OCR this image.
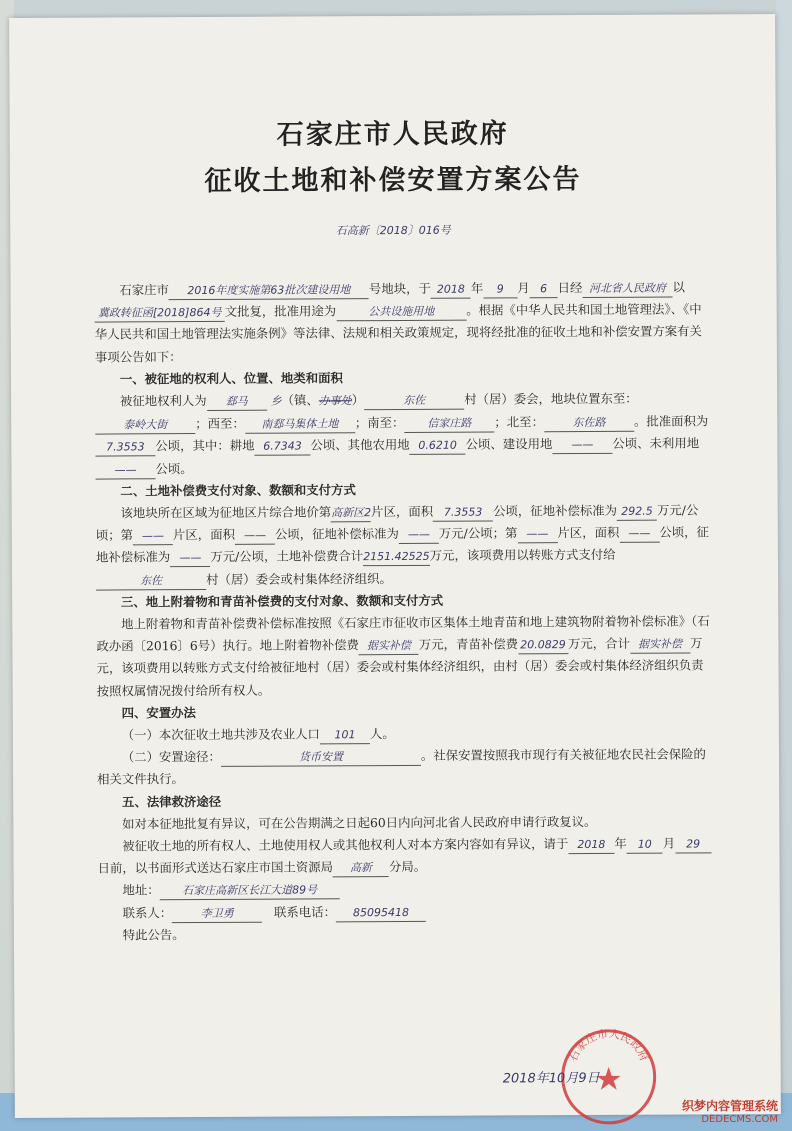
石家庄市人民政府
征收土地和补偿安置方案公告
石高新〔2018〕016号

石家庄市 2016年度实施第63批次建设用地 号地块，于 2018 年 9 月 6 日经 河北省人民政府 以冀政转征函[2018]864号 文批复，批准用途为	公共设施用地	。根据《中华人民共和国土地管理法》、《中华人民共和国土地管理法实施条例》等法律、法规和相关政策规定，现将经批准的征收土地和补偿安置方案有关事项公告如下：

一、被征地的权利人、位置、地类和面积

被征地权利人为 郄马 乡（镇、办事处）	东佐	村（居）委会，地块位置东至：泰岭大街 ；西至： 南郄马集体土地 ；南至： 信家庄路 ；北至：	东佐路 。批准面积为7.3553 公顷，其中：耕地 6.7343 公顷、其他农用地 0.6210 公顷、建设用地 —— 公顷、未利用地—— 公顷。

二、土地补偿费支付对象、数额和支付方式

该地块所在区域为征地区片综合地价第高新区2片区，面积 7.3553 公顷，征地补偿标准为 292.5 万元/公顷；第 —— 片区，面积 —— 公顷，征地补偿标准为 —— 万元/公顷；第 —— 片区，面积 —— 公顷，征地补偿标准为 —— 万元/公顷，土地补偿费合计2151.42525万元，该项费用以转账方式支付给东佐	村（居）委会或村集体经济组织。

三、地上附着物和青苗补偿费的支付对象、数额和支付方式

地上附着物和青苗补偿费补偿标准按照《石家庄市征收市区集体土地青苗和地上建筑物附着物补偿标准》（石政办函〔2016〕6号）执行。地上附着物补偿费 据实补偿 万元，青苗补偿费 20.0829 万元，合计 据实补偿 万元，该项费用以转账方式支付给被征地村（居）委会或村集体经济组织，由村（居）委会或村集体经济组织负责按照权属情况拨付给所有权人。

四、安置办法

（一）本次征收土地共涉及农业人口 101 人。

（二）安置途径：	货币安置	。社保安置按照我市现行有关被征地农民社会保险的相关文件执行。

五、法律救济途径

如对本征地批复有异议，可在公告期满之日起60日内向河北省人民政府申请行政复议。

被征收土地的所有权人、土地使用权人或其他权利人对本方案内容如有异议，请于 2018 年 10 月 29日前，以书面形式送达石家庄市国土资源局 高新 分局。

地址： 石家庄高新区长江大道89号

联系人：	李卫勇	联系电话： 85095418

特此公告。

石家庄市人民政府
2018年10月9日
织梦内容管理系统
DEDECMS.COM
